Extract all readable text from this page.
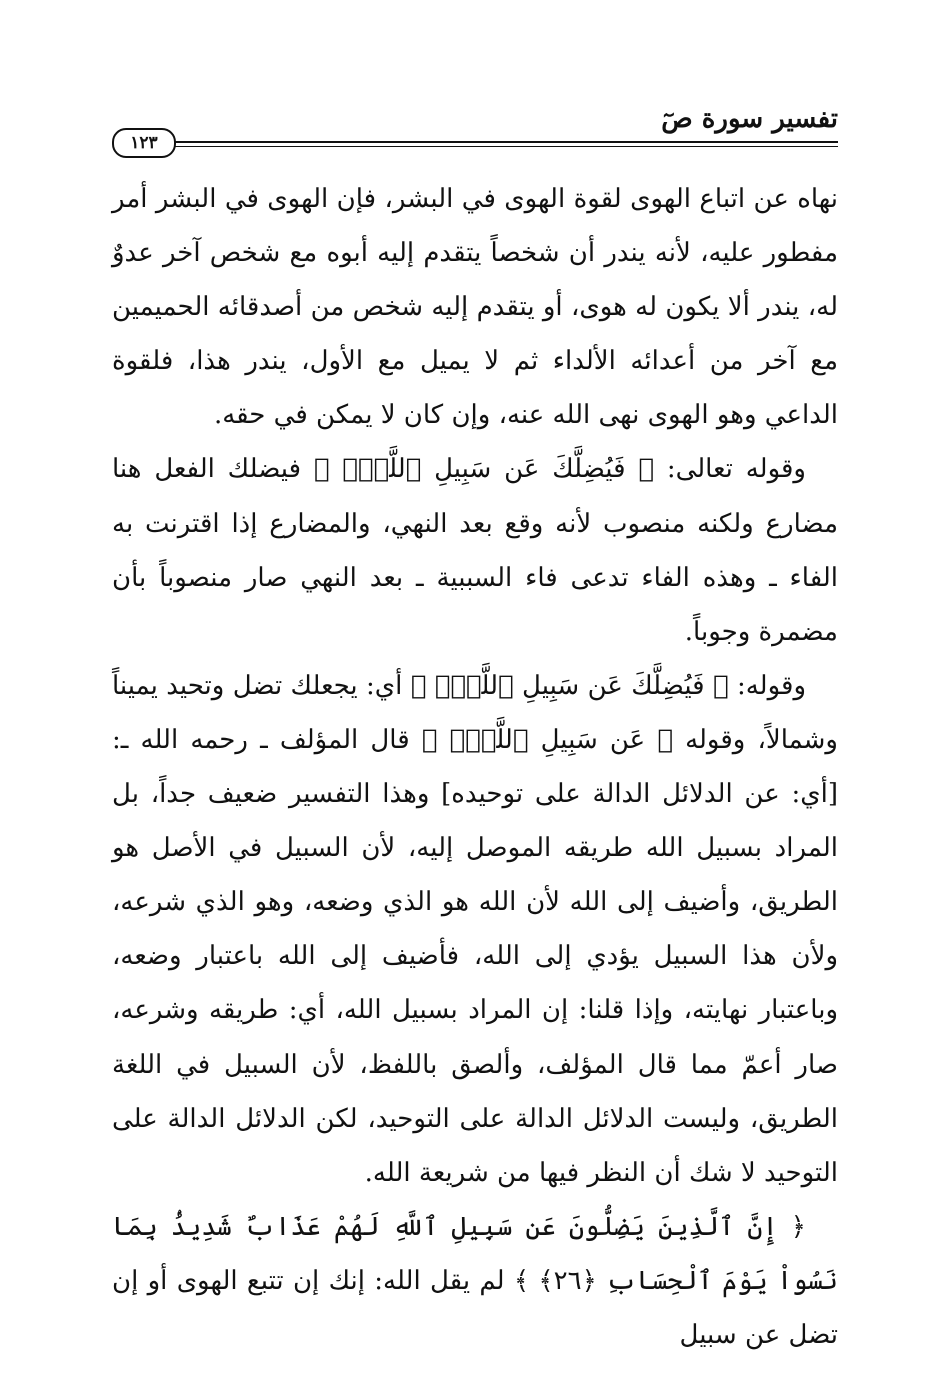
تفسير سورة صٓ
١٢٣

نهاه عن اتباع الهوى لقوة الهوى في البشر، فإن الهوى في البشر أمر مفطور عليه، لأنه يندر أن شخصاً يتقدم إليه أبوه مع شخص آخر عدوٌ له، يندر ألا يكون له هوى، أو يتقدم إليه شخص من أصدقائه الحميمين مع آخر من أعدائه الألداء ثم لا يميل مع الأول، يندر هذا، فلقوة الداعي وهو الهوى نهى الله عنه، وإن كان لا يمكن في حقه.

وقوله تعالى: ﴿ فَيُضِلَّكَ عَن سَبِيلِ ٱللَّهِۚ ﴾ فيضلك الفعل هنا مضارع ولكنه منصوب لأنه وقع بعد النهي، والمضارع إذا اقترنت به الفاء ـ وهذه الفاء تدعى فاء السببية ـ بعد النهي صار منصوباً بأن مضمرة وجوباً.

وقوله: ﴿ فَيُضِلَّكَ عَن سَبِيلِ ٱللَّهِۚ ﴾ أي: يجعلك تضل وتحيد يميناً وشمالاً، وقوله ﴿ عَن سَبِيلِ ٱللَّهِۚ ﴾ قال المؤلف ـ رحمه الله ـ: [أي: عن الدلائل الدالة على توحيده] وهذا التفسير ضعيف جداً، بل المراد بسبيل الله طريقه الموصل إليه، لأن السبيل في الأصل هو الطريق، وأضيف إلى الله لأن الله هو الذي وضعه، وهو الذي شرعه، ولأن هذا السبيل يؤدي إلى الله، فأضيف إلى الله باعتبار وضعه، وباعتبار نهايته، وإذا قلنا: إن المراد بسبيل الله، أي: طريقه وشرعه، صار أعمّ مما قال المؤلف، وألصق باللفظ، لأن السبيل في اللغة الطريق، وليست الدلائل الدالة على التوحيد، لكن الدلائل الدالة على التوحيد لا شك أن النظر فيها من شريعة الله.

﴿ إِنَّ ٱلَّذِينَ يَضِلُّونَ عَن سَبِيلِ ٱللَّهِ لَهُمْ عَذَابٌ شَدِيدُۢ بِمَا نَسُواْ يَوْمَ ٱلْحِسَابِ ﴿٢٦﴾ ﴾ لم يقل الله: إنك إن تتبع الهوى أو إن تضل عن سبيل
